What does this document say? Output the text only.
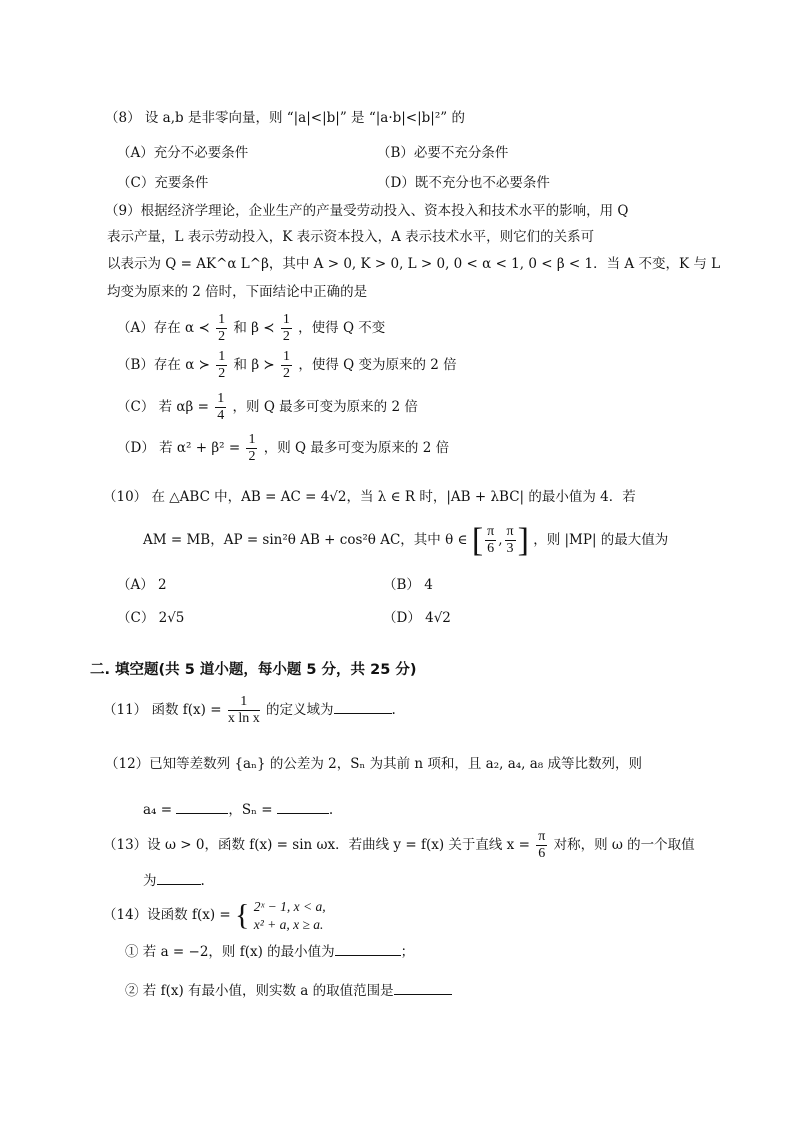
（8） 设 a,b 是非零向量，则 “|a|<|b|” 是 “|a·b|<|b|²” 的
（A）充分不必要条件	（B）必要不充分条件
（C）充要条件	（D）既不充分也不必要条件
（9）根据经济学理论，企业生产的产量受劳动投入、资本投入和技术水平的影响，用 Q
表示产量，L 表示劳动投入，K 表示资本投入，A 表示技术水平，则它们的关系可
以表示为 Q = AK^α L^β，其中 A > 0, K > 0, L > 0, 0 < α < 1, 0 < β < 1．当 A 不变，K 与 L
均变为原来的 2 倍时，下面结论中正确的是
（A）存在 α ≺ $\frac{1}{2}$ 和 β ≺ $\frac{1}{2}$ ，使得 Q 不变
（B）存在 α ≻ $\frac{1}{2}$ 和 β ≻ $\frac{1}{2}$ ，使得 Q 变为原来的 2 倍
（C） 若 $\alpha\beta = \frac{1}{4}$ ，则 Q 最多可变为原来的 2 倍
（D） 若 $\alpha^2 + \beta^2 = \frac{1}{2}$ ，则 Q 最多可变为原来的 2 倍
（10） 在 △ABC 中，AB = AC = 4√2，当 λ ∈ R 时，|AB + λBC| 的最小值为 4．若
AM = MB，AP = sin²θ AB + cos²θ AC，其中 θ ∈ [ $\frac{\pi}{6}$ , $\frac{\pi}{3}$ ] ，则 |MP| 的最大值为
（A） 2	（B） 4
（C） 2√5	（D） 4√2
二. 填空题(共 5 道小题，每小题 5 分，共 25 分)
（11） 函数 $f(x) = \frac{1}{\text{x ln x}}$ 的定义域为	.
（12）已知等差数列 {aₙ} 的公差为 2，Sₙ 为其前 n 项和，且 a₂, a₄, a₈ 成等比数列，则
a₄ =	，Sₙ =	.
（13）设 ω > 0，函数 f(x) = sin ωx．若曲线 y = f(x) 关于直线 $x = \frac{\pi}{6}$ 对称，则 ω 的一个取值
为	.
（14）设函数 f(x) = { 2ˣ − 1, x < a,
x² + a, x ≥ a.
① 若 a = −2，则 f(x) 的最小值为	；
② 若 f(x) 有最小值，则实数 a 的取值范围是
